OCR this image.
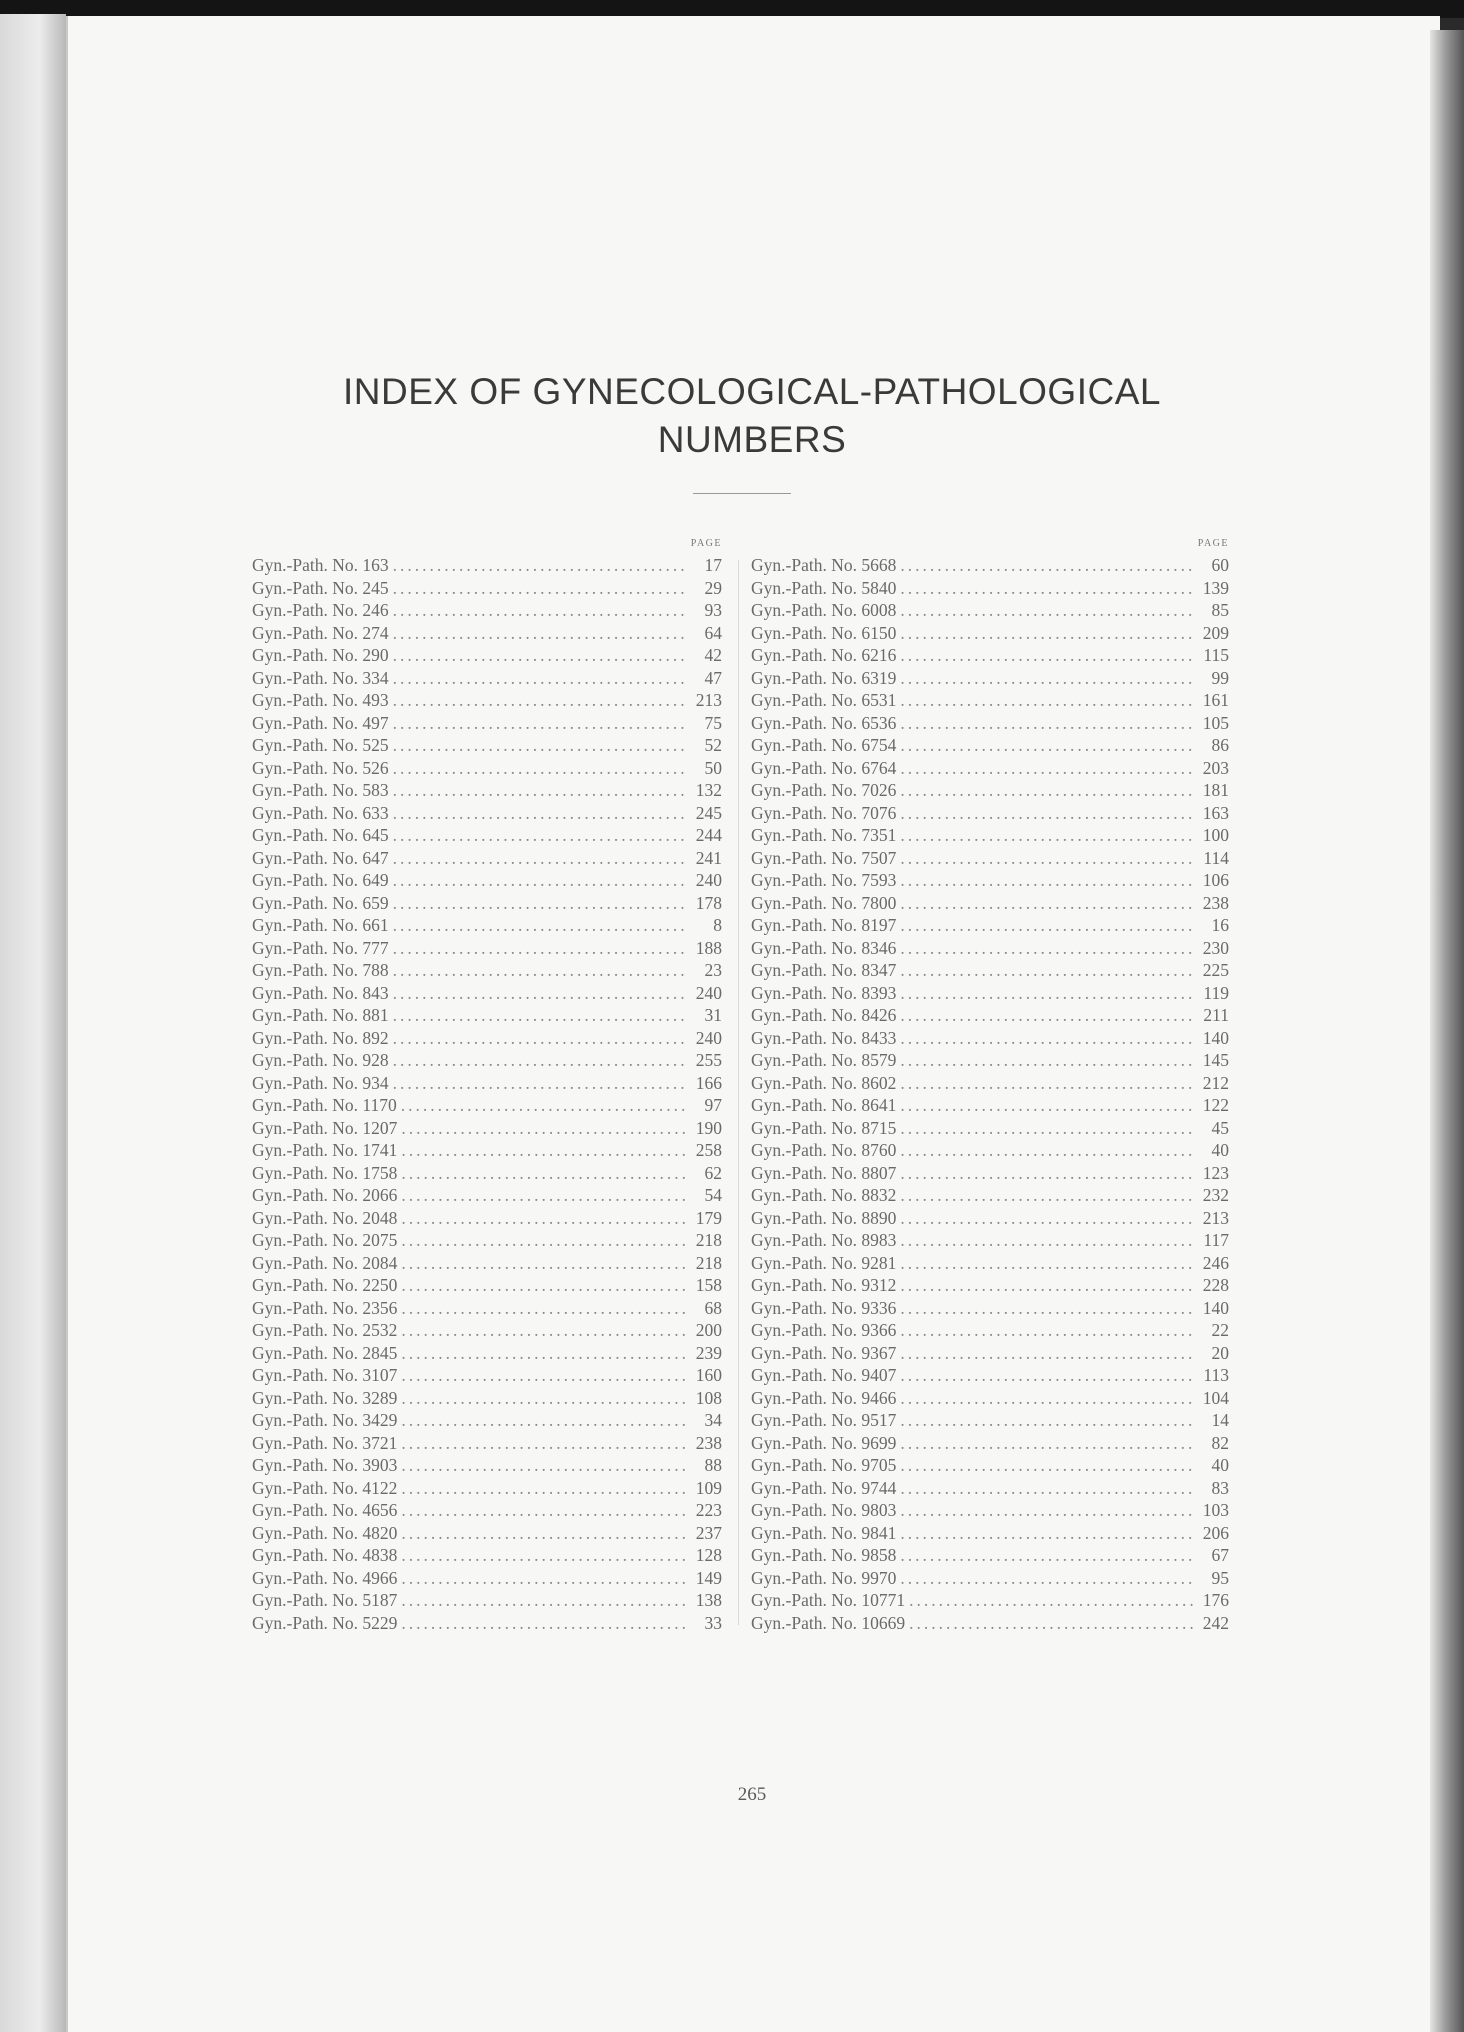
INDEX OF GYNECOLOGICAL-PATHOLOGICAL
NUMBERS
PAGE
Gyn.-Path. No. 163 .....	17
Gyn.-Path. No. 245 .....	29
Gyn.-Path. No. 246 .....	93
Gyn.-Path. No. 274 .....	64
Gyn.-Path. No. 290 .....	42
Gyn.-Path. No. 334 .....	47
Gyn.-Path. No. 493 .....	213
Gyn.-Path. No. 497 .....	75
Gyn.-Path. No. 525 .....	52
Gyn.-Path. No. 526 .....	50
Gyn.-Path. No. 583 .....	132
Gyn.-Path. No. 633 .....	245
Gyn.-Path. No. 645 .....	244
Gyn.-Path. No. 647 .....	241
Gyn.-Path. No. 649 .....	240
Gyn.-Path. No. 659 .....	178
Gyn.-Path. No. 661 .....	8
Gyn.-Path. No. 777 .....	188
Gyn.-Path. No. 788 .....	23
Gyn.-Path. No. 843 .....	240
Gyn.-Path. No. 881 .....	31
Gyn.-Path. No. 892 .....	240
Gyn.-Path. No. 928 .....	255
Gyn.-Path. No. 934 .....	166
Gyn.-Path. No. 1170 .....	97
Gyn.-Path. No. 1207 .....	190
Gyn.-Path. No. 1741 .....	258
Gyn.-Path. No. 1758 .....	62
Gyn.-Path. No. 2066 .....	54
Gyn.-Path. No. 2048 .....	179
Gyn.-Path. No. 2075 .....	218
Gyn.-Path. No. 2084 .....	218
Gyn.-Path. No. 2250 .....	158
Gyn.-Path. No. 2356 .....	68
Gyn.-Path. No. 2532 .....	200
Gyn.-Path. No. 2845 .....	239
Gyn.-Path. No. 3107 .....	160
Gyn.-Path. No. 3289 .....	108
Gyn.-Path. No. 3429 .....	34
Gyn.-Path. No. 3721 .....	238
Gyn.-Path. No. 3903 .....	88
Gyn.-Path. No. 4122 .....	109
Gyn.-Path. No. 4656 .....	223
Gyn.-Path. No. 4820 .....	237
Gyn.-Path. No. 4838 .....	128
Gyn.-Path. No. 4966 .....	149
Gyn.-Path. No. 5187 .....	138
Gyn.-Path. No. 5229 .....	33
PAGE
Gyn.-Path. No. 5668 .....	60
Gyn.-Path. No. 5840 .....	139
Gyn.-Path. No. 6008 .....	85
Gyn.-Path. No. 6150 .....	209
Gyn.-Path. No. 6216 .....	115
Gyn.-Path. No. 6319 .....	99
Gyn.-Path. No. 6531 .....	161
Gyn.-Path. No. 6536 .....	105
Gyn.-Path. No. 6754 .....	86
Gyn.-Path. No. 6764 .....	203
Gyn.-Path. No. 7026 .....	181
Gyn.-Path. No. 7076 .....	163
Gyn.-Path. No. 7351 .....	100
Gyn.-Path. No. 7507 .....	114
Gyn.-Path. No. 7593 .....	106
Gyn.-Path. No. 7800 .....	238
Gyn.-Path. No. 8197 .....	16
Gyn.-Path. No. 8346 .....	230
Gyn.-Path. No. 8347 .....	225
Gyn.-Path. No. 8393 .....	119
Gyn.-Path. No. 8426 .....	211
Gyn.-Path. No. 8433 .....	140
Gyn.-Path. No. 8579 .....	145
Gyn.-Path. No. 8602 .....	212
Gyn.-Path. No. 8641 .....	122
Gyn.-Path. No. 8715 .....	45
Gyn.-Path. No. 8760 .....	40
Gyn.-Path. No. 8807 .....	123
Gyn.-Path. No. 8832 .....	232
Gyn.-Path. No. 8890 .....	213
Gyn.-Path. No. 8983 .....	117
Gyn.-Path. No. 9281 .....	246
Gyn.-Path. No. 9312 .....	228
Gyn.-Path. No. 9336 .....	140
Gyn.-Path. No. 9366 .....	22
Gyn.-Path. No. 9367 .....	20
Gyn.-Path. No. 9407 .....	113
Gyn.-Path. No. 9466 .....	104
Gyn.-Path. No. 9517 .....	14
Gyn.-Path. No. 9699 .....	82
Gyn.-Path. No. 9705 .....	40
Gyn.-Path. No. 9744 .....	83
Gyn.-Path. No. 9803 .....	103
Gyn.-Path. No. 9841 .....	206
Gyn.-Path. No. 9858 .....	67
Gyn.-Path. No. 9970 .....	95
Gyn.-Path. No. 10771 .....	176
Gyn.-Path. No. 10669 .....	242
265
